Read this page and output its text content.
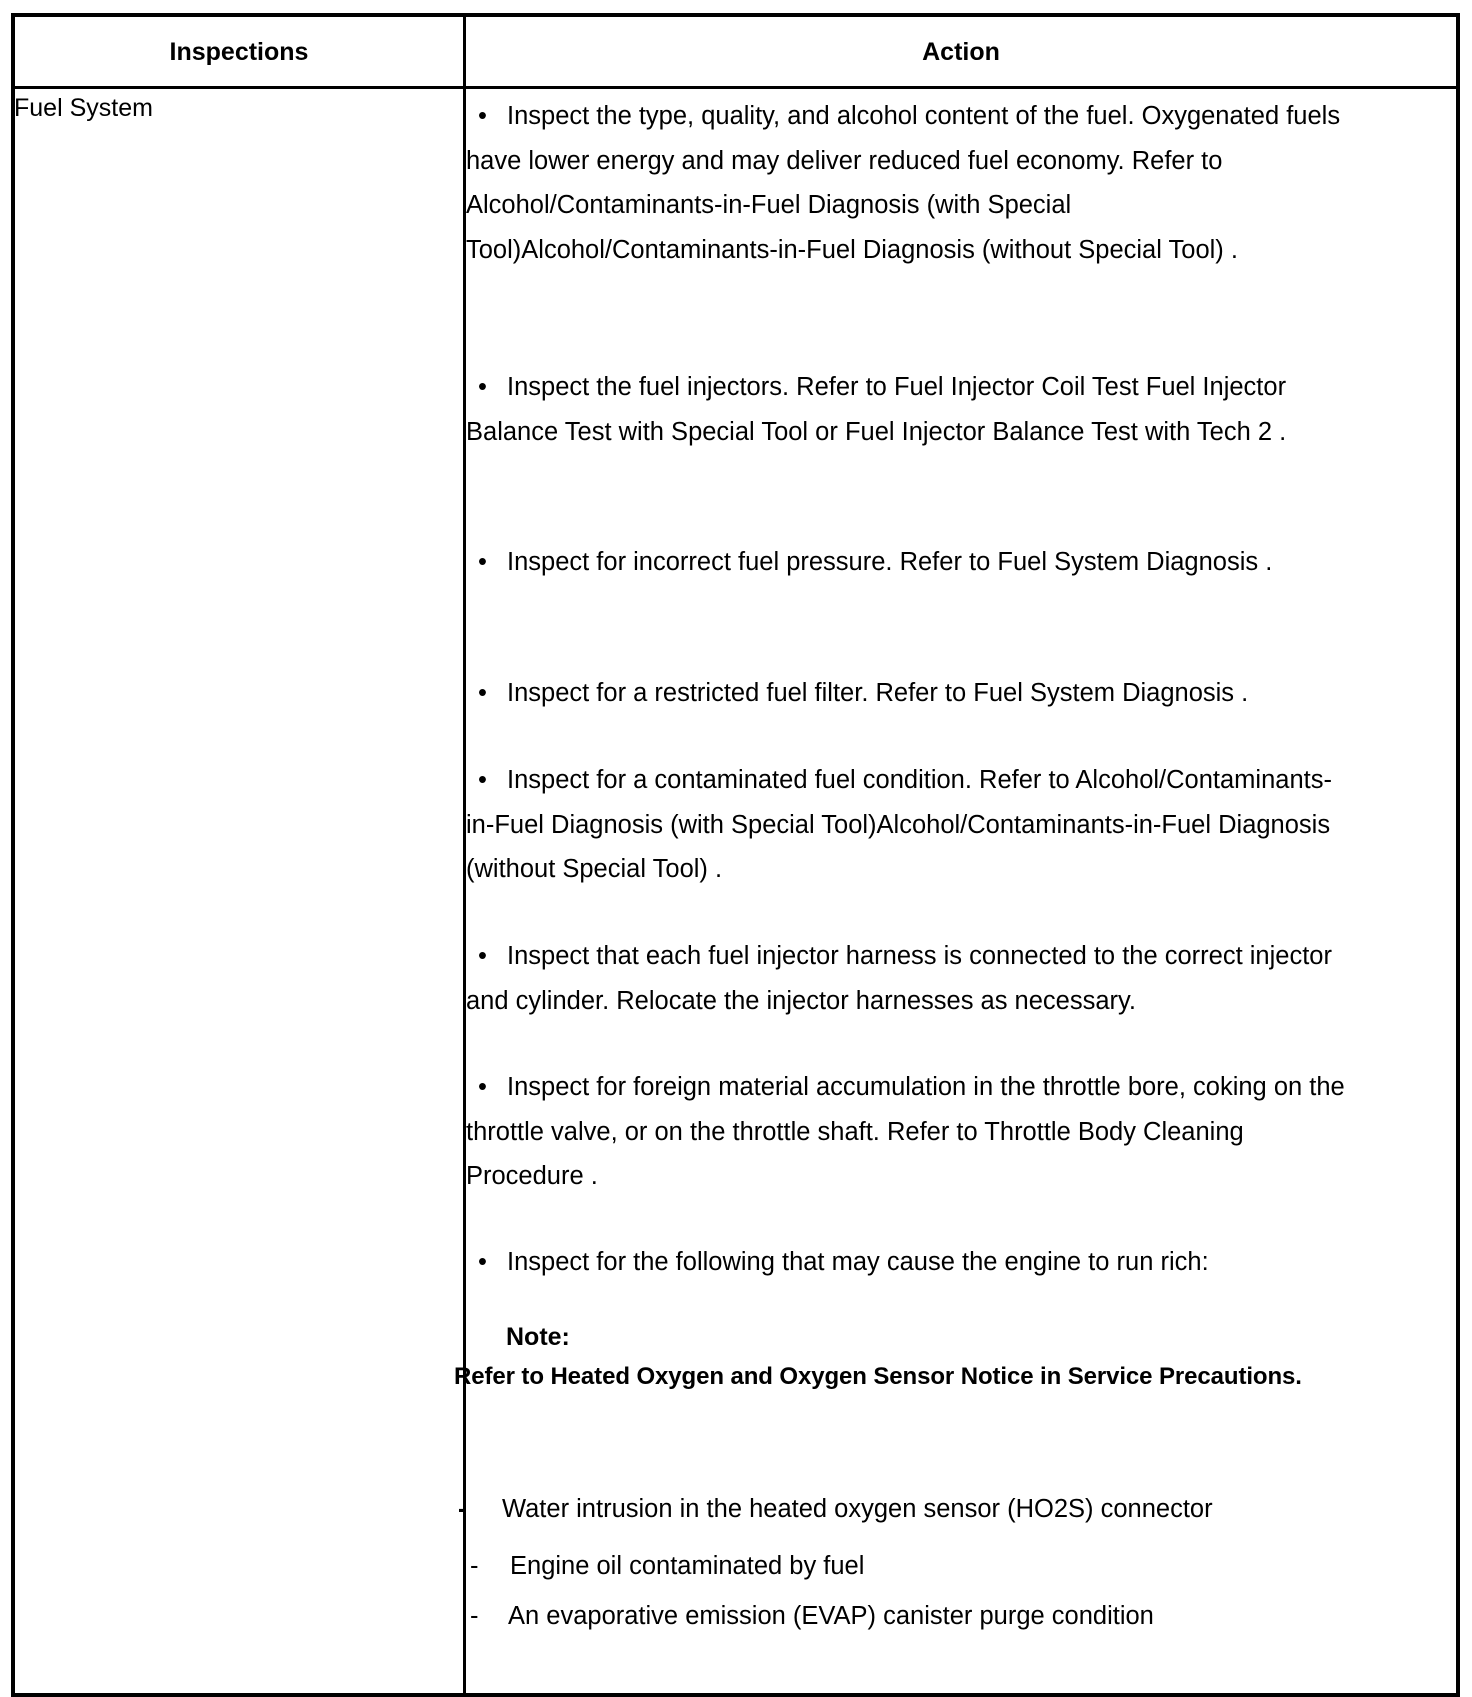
Inspections	Action
Fuel System	• Inspect the type, quality, and alcohol content of the fuel. Oxygenated fuels have lower energy and may deliver reduced fuel economy. Refer to Alcohol/Contaminants-in-Fuel Diagnosis (with Special Tool)Alcohol/Contaminants-in-Fuel Diagnosis (without Special Tool) .

• Inspect the fuel injectors. Refer to Fuel Injector Coil Test Fuel Injector Balance Test with Special Tool or Fuel Injector Balance Test with Tech 2 .

• Inspect for incorrect fuel pressure. Refer to Fuel System Diagnosis .

• Inspect for a restricted fuel filter. Refer to Fuel System Diagnosis .

• Inspect for a contaminated fuel condition. Refer to Alcohol/Contaminants-in-Fuel Diagnosis (with Special Tool)Alcohol/Contaminants-in-Fuel Diagnosis (without Special Tool) .

• Inspect that each fuel injector harness is connected to the correct injector and cylinder. Relocate the injector harnesses as necessary.

• Inspect for foreign material accumulation in the throttle bore, coking on the throttle valve, or on the throttle shaft. Refer to Throttle Body Cleaning Procedure .

• Inspect for the following that may cause the engine to run rich:

Note:
Refer to Heated Oxygen and Oxygen Sensor Notice in Service Precautions.
- Water intrusion in the heated oxygen sensor (HO2S) connector
- Engine oil contaminated by fuel
- An evaporative emission (EVAP) canister purge condition
